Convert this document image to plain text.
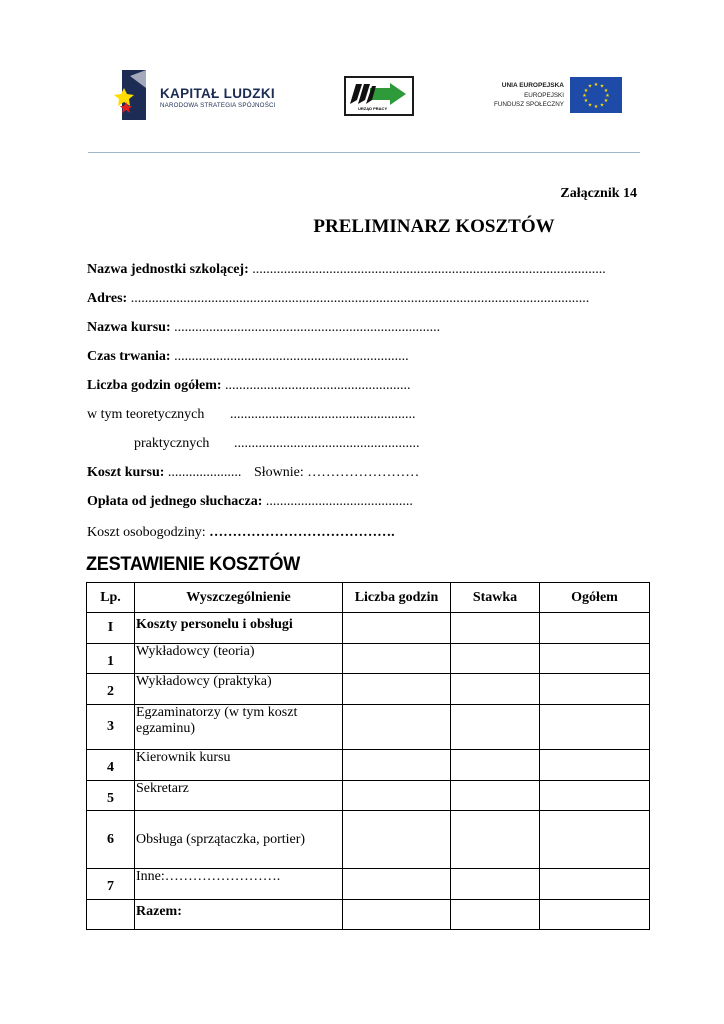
KAPITAŁ LUDZKI
NARODOWA STRATEGIA SPÓJNOŚCI	URZĄD PRACY
UNIA EUROPEJSKA
EUROPEJSKI
FUNDUSZ SPOŁECZNY
★ ★
★
★
★
★
★
★
★
★
★
★
Załącznik 14
PRELIMINARZ KOSZTÓW
Nazwa jednostki szkolącej: .....................................................................................................
Adres: ...................................................................................................................................
Nazwa kursu: ............................................................................
Czas trwania: ...................................................................
Liczba godzin ogółem: .....................................................
w tym teoretycznych .....................................................
praktycznych .....................................................
Koszt kursu: ..................... Słownie: ……………………
Opłata od jednego słuchacza: ..........................................
Koszt osobogodziny: ………………………………….
ZESTAWIENIE KOSZTÓW
Lp.	Wyszczególnienie	Liczba godzin	Stawka	Ogółem
I	Koszty personelu i obsługi			
1	Wykładowcy (teoria)			
2	Wykładowcy (praktyka)			
3	Egzaminatorzy (w tym koszt egzaminu)			
4	Kierownik kursu			
5	Sekretarz			
6	Obsługa (sprzątaczka, portier)			
7	Inne:…………………….			
	Razem:			
